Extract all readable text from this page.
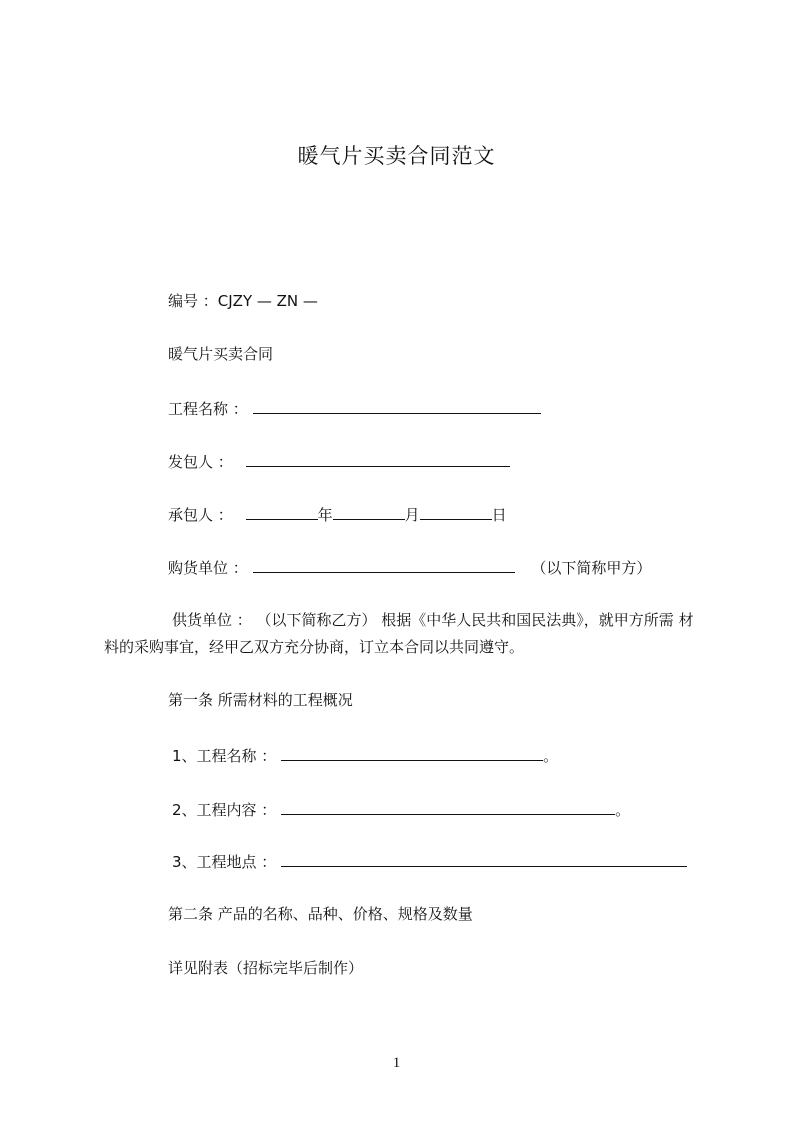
暖气片买卖合同范文
编号 ：CJZY — ZN —
暖气片买卖合同
工程名称 ：
发包人 ：
承包人 ：	年	月	日
购货单位 ：	（以下简称甲方）
供货单位 ： （以下简称乙方） 根据《中华人民共和国民法典》，就甲方所需 材料的采购事宜，经甲乙双方充分协商，订立本合同以共同遵守。
第一条 所需材料的工程概况
1、工程名称 ：	。
2、工程内容 ：	。
3、工程地点 ：
第二条 产品的名称、品种、价格、规格及数量
详见附表（招标完毕后制作）
1
